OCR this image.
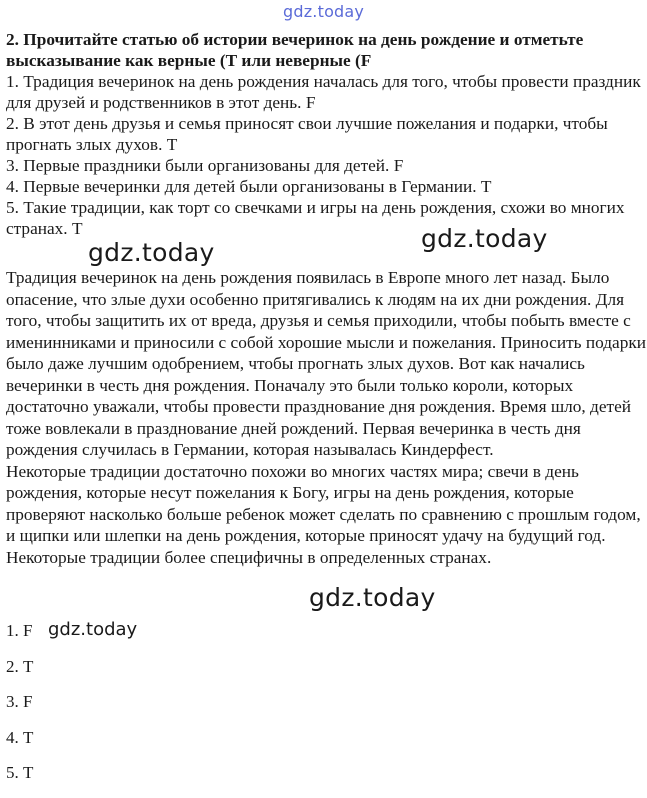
gdz.today

2. Прочитайте статью об истории вечеринок на день рождение и отметьте высказывание как верные (Т или неверные (F

1. Традиция вечеринок на день рождения началась для того, чтобы провести праздник для друзей и родственников в этот день. F
2. В этот день друзья и семья приносят свои лучшие пожелания и подарки, чтобы прогнать злых духов. Т
3. Первые праздники были организованы для детей. F
4. Первые вечеринки для детей были организованы в Германии. Т
5. Такие традиции, как торт со свечками и игры на день рождения, схожи во многих странах. Т

Традиция вечеринок на день рождения появилась в Европе много лет назад. Было опасение, что злые духи особенно притягивались к людям на их дни рождения. Для того, чтобы защитить их от вреда, друзья и семья приходили, чтобы побыть вместе с именинниками и приносили с собой хорошие мысли и пожелания. Приносить подарки было даже лучшим одобрением, чтобы прогнать злых духов. Вот как начались вечеринки в честь дня рождения. Поначалу это были только короли, которых достаточно уважали, чтобы провести празднование дня рождения. Время шло, детей тоже вовлекали в празднование дней рождений. Первая вечеринка в честь дня рождения случилась в Германии, которая называлась Киндерфест.

Некоторые традиции достаточно похожи во многих частях мира; свечи в день рождения, которые несут пожелания к Богу, игры на день рождения, которые проверяют насколько больше ребенок может сделать по сравнению с прошлым годом, и щипки или шлепки на день рождения, которые приносят удачу на будущий год. Некоторые традиции более специфичны в определенных странах.

1. F
2. Т
3. F
4. Т
5. Т
gdz.today	gdz.today
gdz.today
gdz.today
